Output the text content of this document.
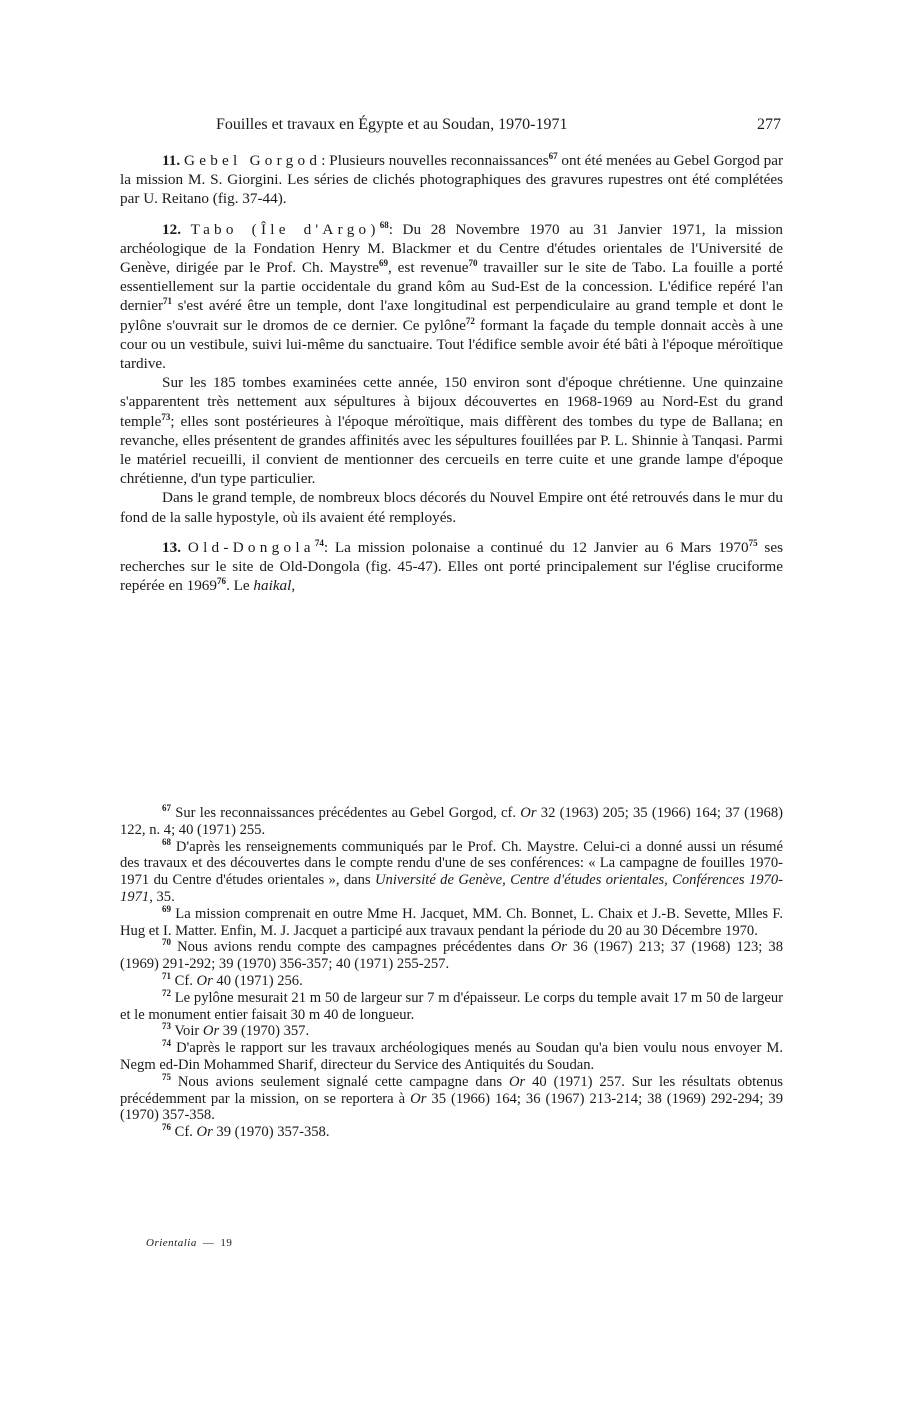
Fouilles et travaux en Égypte et au Soudan, 1970-1971	277

11. Gebel Gorgod: Plusieurs nouvelles reconnaissances$^{67}$ ont été menées au Gebel Gorgod par la mission M. S. Giorgini. Les séries de clichés photographiques des gravures rupestres ont été complétées par U. Reitano (fig. 37-44).

12. Tabo (Île d'Argo)$^{68}$: Du 28 Novembre 1970 au 31 Janvier 1971, la mission archéologique de la Fondation Henry M. Blackmer et du Centre d'études orientales de l'Université de Genève, dirigée par le Prof. Ch. Maystre$^{69}$, est revenue$^{70}$ travailler sur le site de Tabo. La fouille a porté essentiellement sur la partie occidentale du grand kôm au Sud-Est de la concession. L'édifice repéré l'an dernier$^{71}$ s'est avéré être un temple, dont l'axe longitudinal est perpendiculaire au grand temple et dont le pylône s'ouvrait sur le dromos de ce dernier. Ce pylône$^{72}$ formant la façade du temple donnait accès à une cour ou un vestibule, suivi lui-même du sanctuaire. Tout l'édifice semble avoir été bâti à l'époque méroïtique tardive.

Sur les 185 tombes examinées cette année, 150 environ sont d'époque chrétienne. Une quinzaine s'apparentent très nettement aux sépultures à bijoux découvertes en 1968-1969 au Nord-Est du grand temple$^{73}$; elles sont postérieures à l'époque méroïtique, mais diffèrent des tombes du type de Ballana; en revanche, elles présentent de grandes affinités avec les sépultures fouillées par P. L. Shinnie à Tanqasi. Parmi le matériel recueilli, il convient de mentionner des cercueils en terre cuite et une grande lampe d'époque chrétienne, d'un type particulier.

Dans le grand temple, de nombreux blocs décorés du Nouvel Empire ont été retrouvés dans le mur du fond de la salle hypostyle, où ils avaient été remployés.

13. Old-Dongola$^{74}$: La mission polonaise a continué du 12 Janvier au 6 Mars 1970$^{75}$ ses recherches sur le site de Old-Dongola (fig. 45-47). Elles ont porté principalement sur l'église cruciforme repérée en 1969$^{76}$. Le haikal,

$^{67}$ Sur les reconnaissances précédentes au Gebel Gorgod, cf. Or 32 (1963) 205; 35 (1966) 164; 37 (1968) 122, n. 4; 40 (1971) 255.

$^{68}$ D'après les renseignements communiqués par le Prof. Ch. Maystre. Celui-ci a donné aussi un résumé des travaux et des découvertes dans le compte rendu d'une de ses conférences: « La campagne de fouilles 1970-1971 du Centre d'études orientales », dans Université de Genève, Centre d'études orientales, Conférences 1970-1971, 35.

$^{69}$ La mission comprenait en outre Mme H. Jacquet, MM. Ch. Bonnet, L. Chaix et J.-B. Sevette, Mlles F. Hug et I. Matter. Enfin, M. J. Jacquet a participé aux travaux pendant la période du 20 au 30 Décembre 1970.

$^{70}$ Nous avions rendu compte des campagnes précédentes dans Or 36 (1967) 213; 37 (1968) 123; 38 (1969) 291-292; 39 (1970) 356-357; 40 (1971) 255-257.

$^{71}$ Cf. Or 40 (1971) 256.

$^{72}$ Le pylône mesurait 21 m 50 de largeur sur 7 m d'épaisseur. Le corps du temple avait 17 m 50 de largeur et le monument entier faisait 30 m 40 de longueur.

$^{73}$ Voir Or 39 (1970) 357.

$^{74}$ D'après le rapport sur les travaux archéologiques menés au Soudan qu'a bien voulu nous envoyer M. Negm ed-Din Mohammed Sharif, directeur du Service des Antiquités du Soudan.

$^{75}$ Nous avions seulement signalé cette campagne dans Or 40 (1971) 257. Sur les résultats obtenus précédemment par la mission, on se reportera à Or 35 (1966) 164; 36 (1967) 213-214; 38 (1969) 292-294; 39 (1970) 357-358.

$^{76}$ Cf. Or 39 (1970) 357-358.

Orientalia — 19
